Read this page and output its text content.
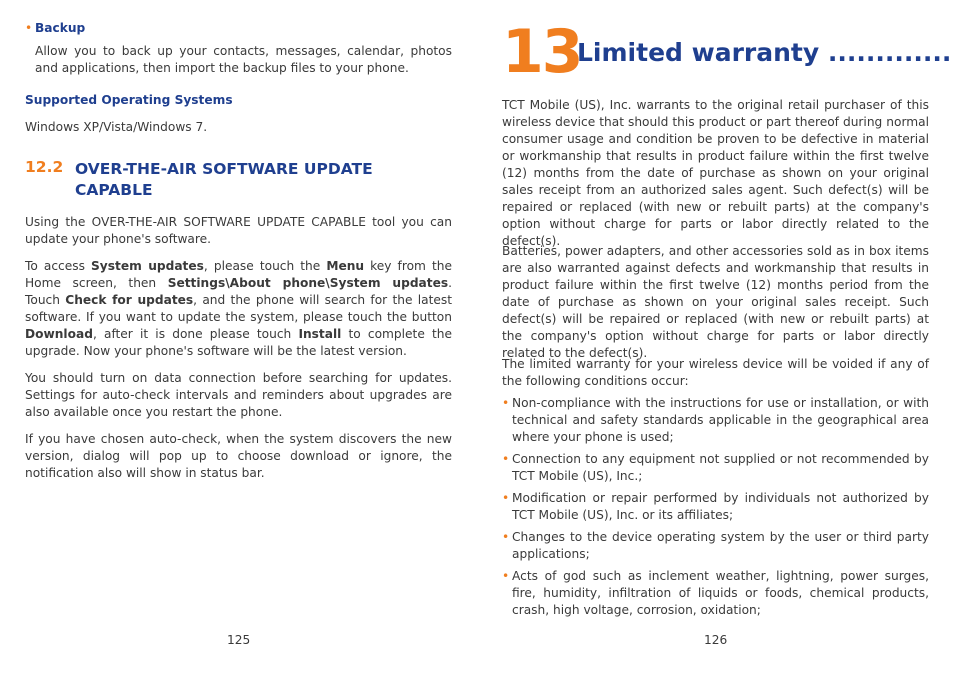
• Backup

Allow you to back up your contacts, messages, calendar, photos and applications, then import the backup files to your phone.

Supported Operating Systems

Windows XP/Vista/Windows 7.

12.2 OVER-THE-AIR SOFTWARE UPDATE CAPABLE

Using the OVER-THE-AIR SOFTWARE UPDATE CAPABLE tool you can update your phone's software.

To access System updates, please touch the Menu key from the Home screen, then Settings\About phone\System updates. Touch Check for updates, and the phone will search for the latest software. If you want to update the system, please touch the button Download, after it is done please touch Install to complete the upgrade. Now your phone's software will be the latest version.

You should turn on data connection before searching for updates. Settings for auto-check intervals and reminders about upgrades are also available once you restart the phone.

If you have chosen auto-check, when the system discovers the new version, dialog will pop up to choose download or ignore, the notification also will show in status bar.

125
13
Limited warranty .............

TCT Mobile (US), Inc. warrants to the original retail purchaser of this wireless device that should this product or part thereof during normal consumer usage and condition be proven to be defective in material or workmanship that results in product failure within the first twelve (12) months from the date of purchase as shown on your original sales receipt from an authorized sales agent. Such defect(s) will be repaired or replaced (with new or rebuilt parts) at the company's option without charge for parts or labor directly related to the defect(s).

Batteries, power adapters, and other accessories sold as in box items are also warranted against defects and workmanship that results in product failure within the first twelve (12) months period from the date of purchase as shown on your original sales receipt. Such defect(s) will be repaired or replaced (with new or rebuilt parts) at the company's option without charge for parts or labor directly related to the defect(s).

The limited warranty for your wireless device will be voided if any of the following conditions occur:

• Non-compliance with the instructions for use or installation, or with technical and safety standards applicable in the geographical area where your phone is used;

• Connection to any equipment not supplied or not recommended by TCT Mobile (US), Inc.;

• Modification or repair performed by individuals not authorized by TCT Mobile (US), Inc. or its affiliates;

• Changes to the device operating system by the user or third party applications;

• Acts of god such as inclement weather, lightning, power surges, fire, humidity, infiltration of liquids or foods, chemical products, crash, high voltage, corrosion, oxidation;

126
